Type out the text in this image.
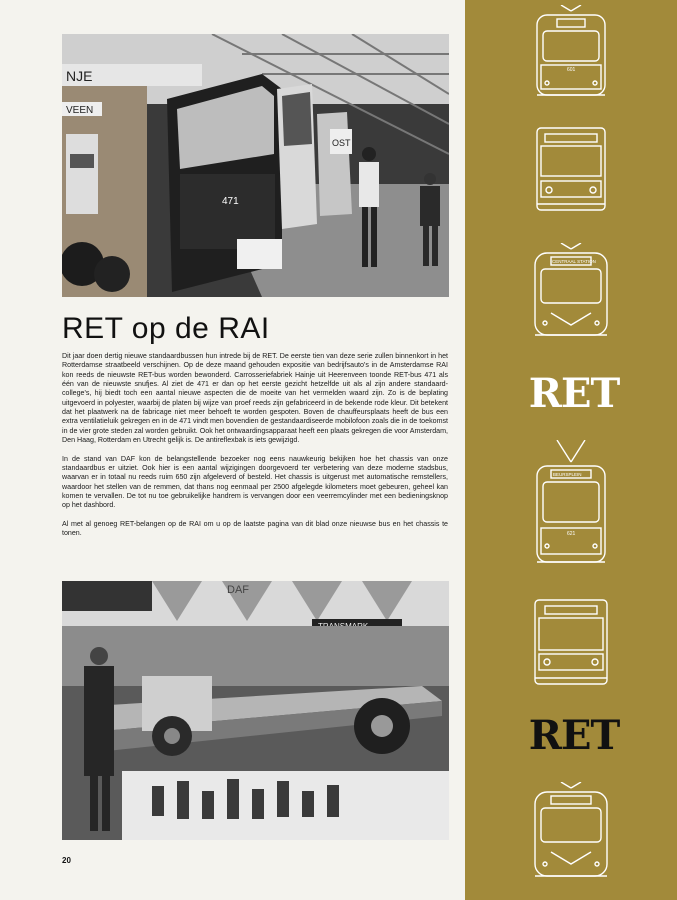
NJE
VEEN
471
OST
RET op de RAI

Dit jaar doen dertig nieuwe standaardbussen hun intrede bij de RET. De eerste tien van deze serie zullen binnenkort in het Rotterdamse straatbeeld verschijnen. Op de deze maand gehouden expositie van bedrijfsauto's in de Amsterdamse RAI kon reeds de nieuwste RET-bus worden bewonderd. Carrosseriefabriek Hainje uit Heerenveen toonde RET-bus 471 als één van de nieuwste snufjes. Al ziet de 471 er dan op het eerste gezicht hetzelfde uit als al zijn andere standaard-college's, hij biedt toch een aantal nieuwe aspecten die de moeite van het vermelden waard zijn. Zo is de beplating uitgevoerd in polyester, waarbij de platen bij wijze van proef reeds zijn gefabriceerd in de bekende rode kleur. Dit betekent dat het plaatwerk na de fabricage niet meer behoeft te worden gespoten. Boven de chauffeursplaats heeft de bus een extra ventilatieluik gekregen en in de 471 vindt men bovendien de gestandaardiseerde mobilofoon zoals die in de toekomst in de vier grote steden zal worden gebruikt. Ook het ontwaardingsapparaat heeft een plaats gekregen die voor Amsterdam, Den Haag, Rotterdam en Utrecht gelijk is. De antireflexbak is iets gewijzigd.

In de stand van DAF kon de belangstellende bezoeker nog eens nauwkeurig bekijken hoe het chassis van onze standaardbus er uitziet. Ook hier is een aantal wijzigingen doorgevoerd ter verbetering van deze moderne stadsbus, waarvan er in totaal nu reeds ruim 650 zijn afgeleverd of besteld. Het chassis is uitgerust met automatische remstellers, waardoor het stellen van de remmen, dat thans nog eenmaal per 2500 afgelegde kilometers moet gebeuren, geheel kan komen te vervallen. De tot nu toe gebruikelijke handrem is vervangen door een veerremcylinder met een bedieningsknop op het dashbord.

Al met al genoeg RET-belangen op de RAI om u op de laatste pagina van dit blad onze nieuwse bus en het chassis te tonen.

DAF
20
601
CENTRAAL STATION
RET
BEURSPLEIN
621
RET
